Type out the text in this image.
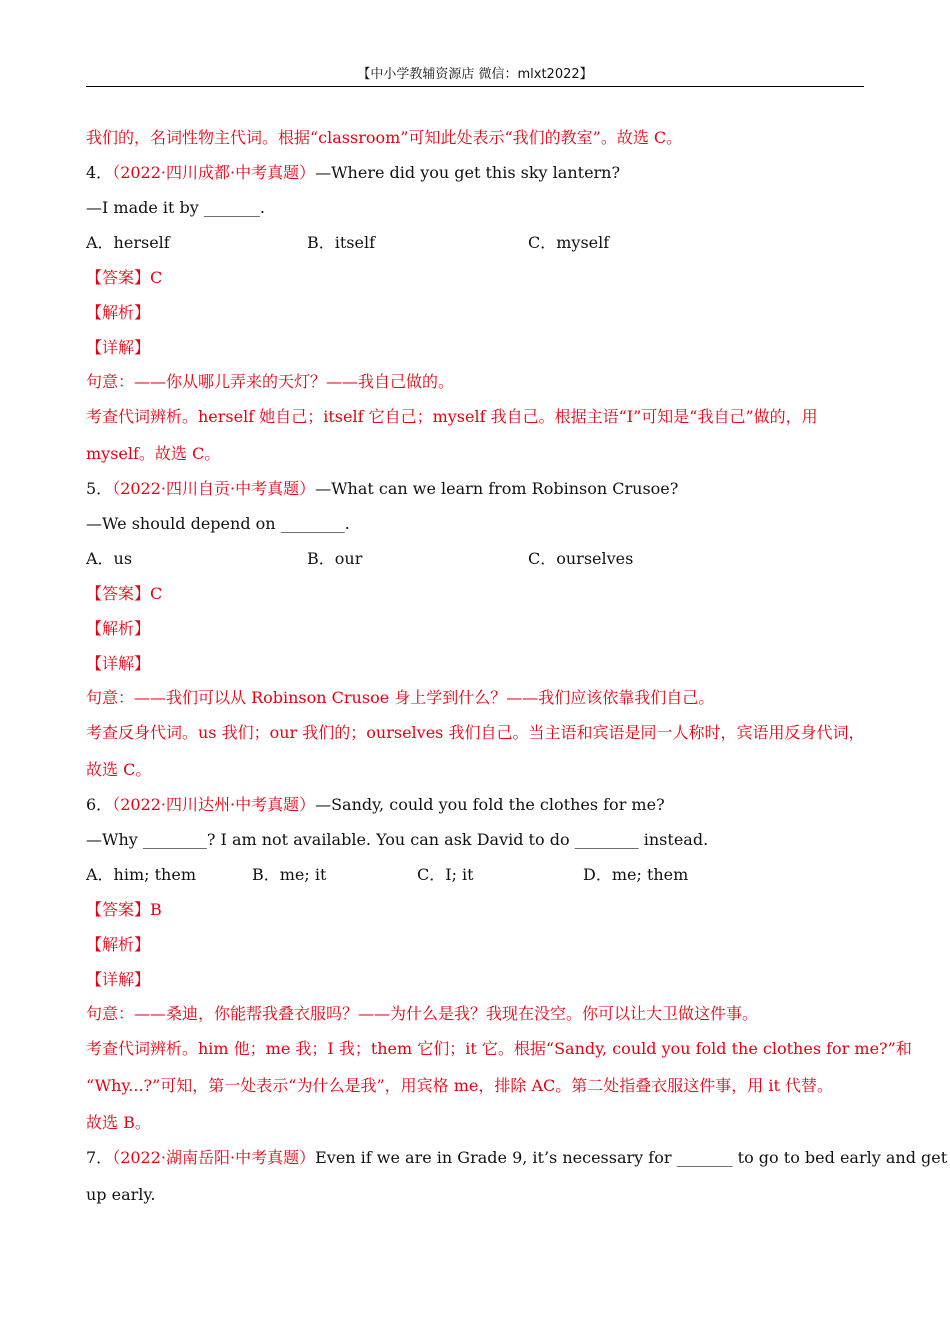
【中小学教辅资源店 微信：mlxt2022】
我们的，名词性物主代词。根据“classroom”可知此处表示“我们的教室”。故选 C。
4．（2022·四川成都·中考真题）—Where did you get this sky lantern?
—I made it by _______.
A．herself	B．itself	C．myself
【答案】C
【解析】
【详解】
句意：——你从哪儿弄来的天灯？——我自己做的。
考查代词辨析。herself 她自己；itself 它自己；myself 我自己。根据主语“I”可知是“我自己”做的，用
myself。故选 C。
5．（2022·四川自贡·中考真题）—What can we learn from Robinson Crusoe?
—We should depend on ________.
A．us	B．our	C．ourselves
【答案】C
【解析】
【详解】
句意：——我们可以从 Robinson Crusoe 身上学到什么？——我们应该依靠我们自己。
考查反身代词。us 我们；our 我们的；ourselves 我们自己。当主语和宾语是同一人称时，宾语用反身代词，
故选 C。
6．（2022·四川达州·中考真题）—Sandy, could you fold the clothes for me?
—Why ________? I am not available. You can ask David to do ________ instead.
A．him; them	B．me; it	C．I; it	D．me; them
【答案】B
【解析】
【详解】
句意：——桑迪，你能帮我叠衣服吗？——为什么是我？我现在没空。你可以让大卫做这件事。
考查代词辨析。him 他；me 我；I 我；them 它们；it 它。根据“Sandy, could you fold the clothes for me?”和
“Why...?”可知，第一处表示“为什么是我”，用宾格 me，排除 AC。第二处指叠衣服这件事，用 it 代替。
故选 B。
7．（2022·湖南岳阳·中考真题）Even if we are in Grade 9, it’s necessary for _______ to go to bed early and get
up early.
